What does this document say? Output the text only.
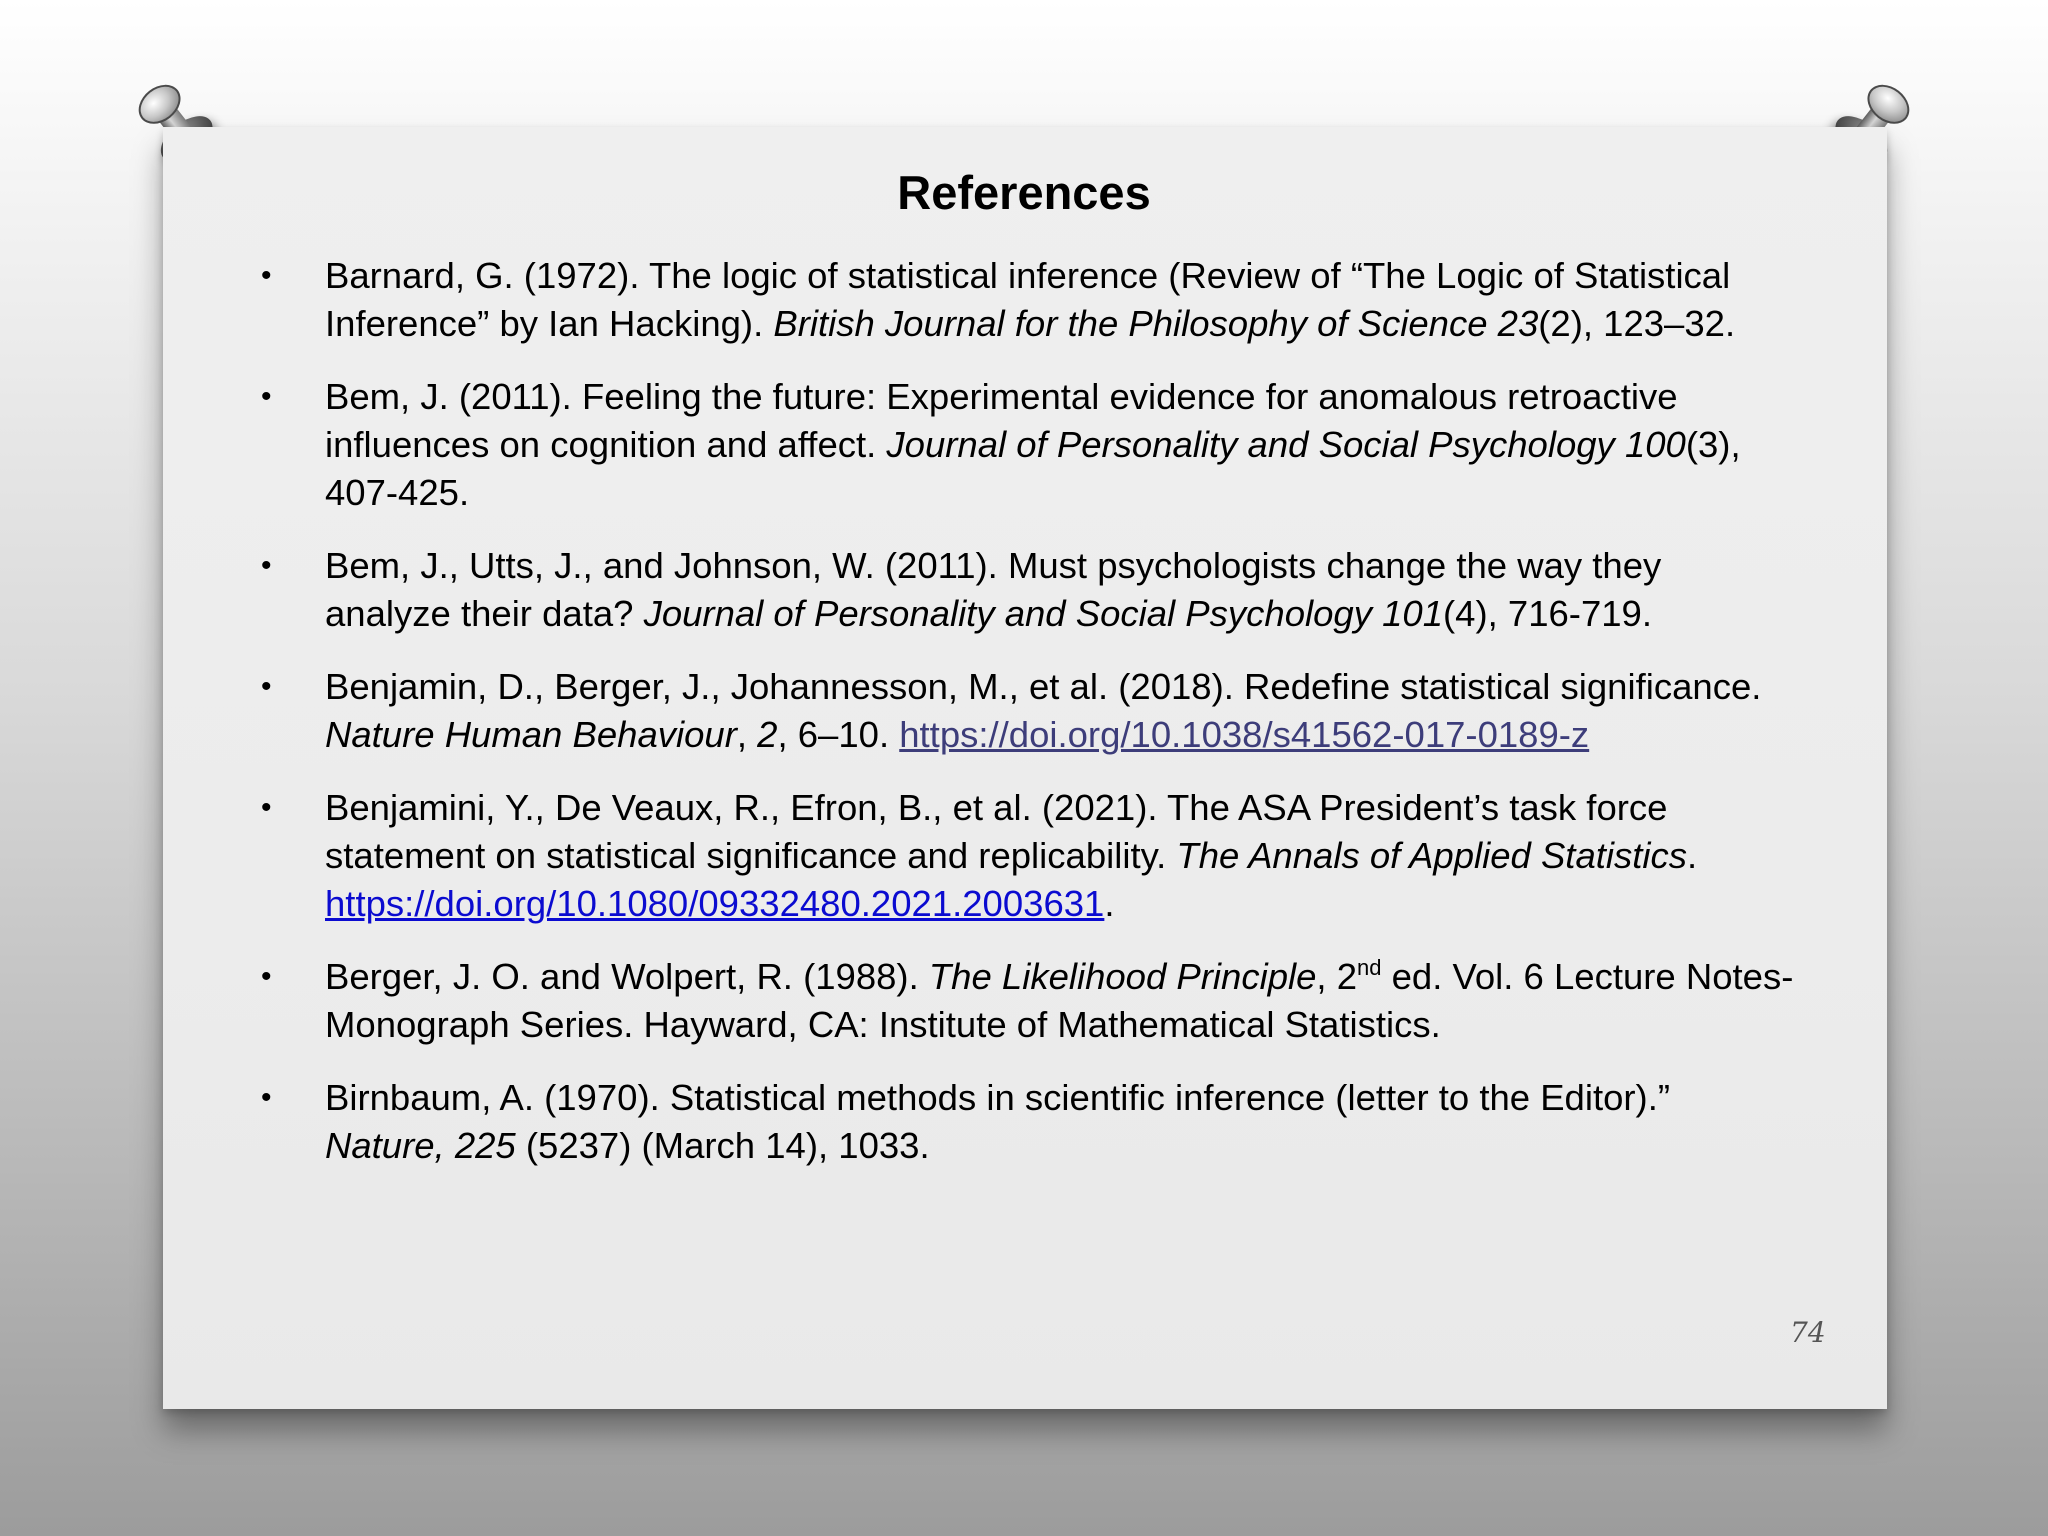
References
• Barnard, G. (1972). The logic of statistical inference (Review of “The Logic of Statistical Inference” by Ian Hacking). British Journal for the Philosophy of Science 23(2), 123–32.
• Bem, J. (2011). Feeling the future: Experimental evidence for anomalous retroactive influences on cognition and affect. Journal of Personality and Social Psychology 100(3), 407-425.
• Bem, J., Utts, J., and Johnson, W. (2011). Must psychologists change the way they analyze their data? Journal of Personality and Social Psychology 101(4), 716-719.
• Benjamin, D., Berger, J., Johannesson, M., et al. (2018). Redefine statistical significance. Nature Human Behaviour, 2, 6–10. https://doi.org/10.1038/s41562-017-0189-z
• Benjamini, Y., De Veaux, R., Efron, B., et al. (2021). The ASA President’s task force statement on statistical significance and replicability. The Annals of Applied Statistics. https://doi.org/10.1080/09332480.2021.2003631.
• Berger, J. O. and Wolpert, R. (1988). The Likelihood Principle, 2nd ed. Vol. 6 Lecture Notes-Monograph Series. Hayward, CA: Institute of Mathematical Statistics.
• Birnbaum, A. (1970). Statistical methods in scientific inference (letter to the Editor).” Nature, 225 (5237) (March 14), 1033.
74
